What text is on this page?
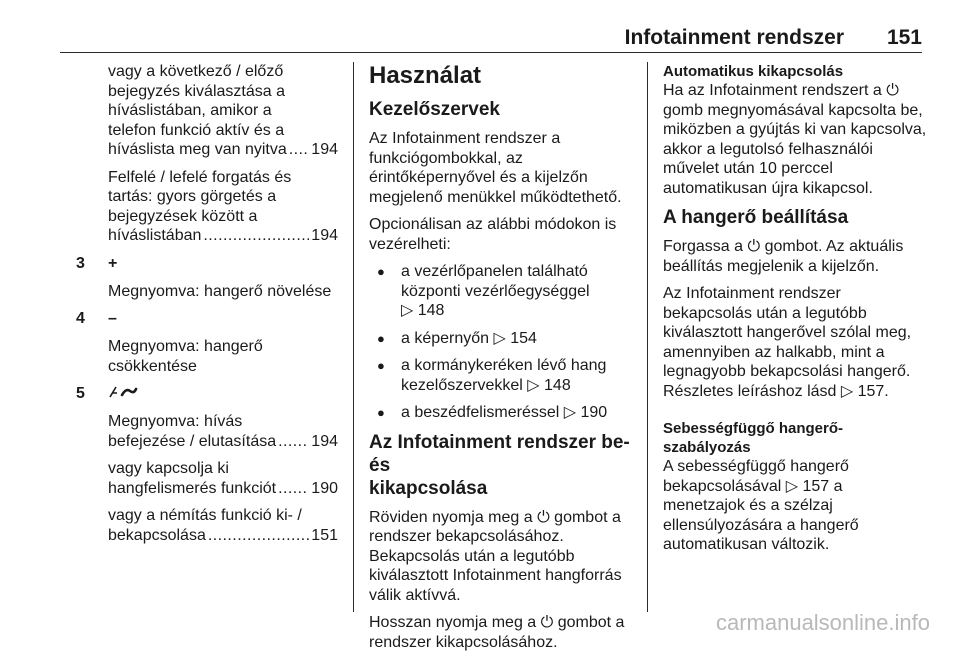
Infotainment rendszer 151

vagy a következő / előző

bejegyzés kiválasztása a

híváslistában, amikor a

telefon funkció aktív és a

híváslista meg van nyitva . . . 194

Felfelé / lefelé forgatás és

tartás: gyors görgetés a

bejegyzések között a

híváslistában . . .	194
3 +

Megnyomva: hangerő növelése

4 –

Megnyomva: hangerő

csökkentése

5

Megnyomva: hívás

befejezése / elutasítása . . . 194

vagy kapcsolja ki

hangfelismerés funkciót . . . 190

vagy a némítás funkció ki- /

bekapcsolása . . .	151
Használat
Kezelőszervek

Az Infotainment rendszer a

funkciógombokkal, az

érintőképernyővel és a kijelzőn

megjelenő menükkel működtethető.

Opcionálisan az alábbi módokon is

vezérelheti:

● a vezérlőpanelen található

központi vezérlőegységgel

▷ 148

● a képernyőn ▷ 154

● a kormánykeréken lévő hang

kezelőszervekkel ▷ 148

● a beszédfelismeréssel ▷ 190

Az Infotainment rendszer be- és

kikapcsolása

Röviden nyomja meg a ⏻ gombot a

rendszer bekapcsolásához.

Bekapcsolás után a legutóbb

kiválasztott Infotainment hangforrás

válik aktívvá.

Hosszan nyomja meg a ⏻ gombot a

rendszer kikapcsolásához.

Automatikus kikapcsolás

Ha az Infotainment rendszert a ⏻

gomb megnyomásával kapcsolta be,

miközben a gyújtás ki van kapcsolva,

akkor a legutolsó felhasználói

művelet után 10 perccel

automatikusan újra kikapcsol.

A hangerő beállítása

Forgassa a ⏻ gombot. Az aktuális

beállítás megjelenik a kijelzőn.

Az Infotainment rendszer

bekapcsolás után a legutóbb

kiválasztott hangerővel szólal meg,

amennyiben az halkabb, mint a

legnagyobb bekapcsolási hangerő.

Részletes leíráshoz lásd ▷ 157.

Sebességfüggő hangerő-

szabályozás

A sebességfüggő hangerő

bekapcsolásával ▷ 157 a

menetzajok és a szélzaj

ellensúlyozására a hangerő

automatikusan változik.

carmanualsonline.info
